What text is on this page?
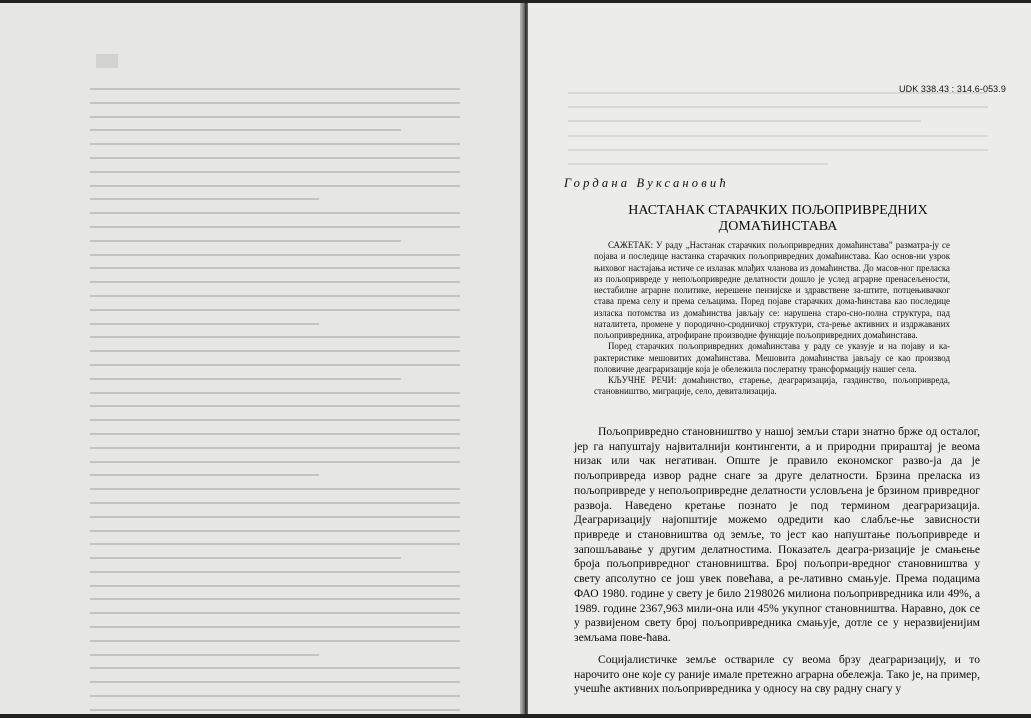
UDK 338.43 : 314.6-053.9
Гордана Вуксановић
НАСТАНАК СТАРАЧКИХ ПОЉОПРИВРЕДНИХ ДОМАЋИНСТАВА

САЖЕТАК: У раду „Настанак старачких пољопривредних домаћинстава” разматра-ју се појава и последице настанка старачких пољопривредних домаћинстава. Као основ-ни узрок њиховог настајања истиче се излазак млађих чланова из домаћинства. До масов-ног преласка из пољопривреде у непољопривредне делатности дошло је услед аграрне пренасељености, нестабилне аграрне политике, нерешене пензијске и здравствене за-штите, потцењивачког става према селу и према сељацима. Поред појаве старачких дома-ћинстава као последице изласка потомства из домаћинства јављају се: нарушена старо-сно-полна структура, пад наталитета, промене у породично-сродничкој структури, ста-рење активних и издржаваних пољопривредника, атрофиране производне функције пољопривредних домаћинстава.

Поред старачких пољопривредних домаћинстава у раду се указује и на појаву и ка-рактеристике мешовитих домаћинстава. Мешовита домаћинства јављају се као производ половичне деаграризације која је обележила послератну трансформацију нашег села.

КЉУЧНЕ РЕЧИ: домаћинство, старење, деаграризација, газдинство, пољопривреда, становништво, миграције, село, девитализација.

Пољопривредно становништво у нашој земљи стари знатно брже од осталог, јер га напуштају највиталнији контингенти, а и природни прираштај је веома низак или чак негативан. Опште је правило економског разво-ја да је пољопривреда извор радне снаге за друге делатности. Брзина преласка из пољопривреде у непољопривредне делатности условљена је брзином привредног развоја. Наведено кретање познато је под термином деаграризација. Деаграризацију најопштије можемо одредити као слабље-ње зависности привреде и становништва од земље, то јест као напуштање пољопривреде и запошљавање у другим делатностима. Показатељ деагра-ризације је смањење броја пољопривредног становништва. Број пољопри-вредног становништва у свету апсолутно се још увек повећава, а ре-лативно смањује. Према подацима ФАО 1980. године у свету је било 2198026 милиона пољопривредника или 49%, а 1989. године 2367,963 мили-она или 45% укупног становништва. Наравно, док се у развијеном свету број пољопривредника смањује, дотле се у неразвијенијим земљама пове-ћава.

Социјалистичке земље оствариле су веома брзу деаграризацију, и то нарочито оне које су раније имале претежно аграрна обележја. Тако је, на пример, учешће активних пољопривредника у односу на сву радну снагу у
